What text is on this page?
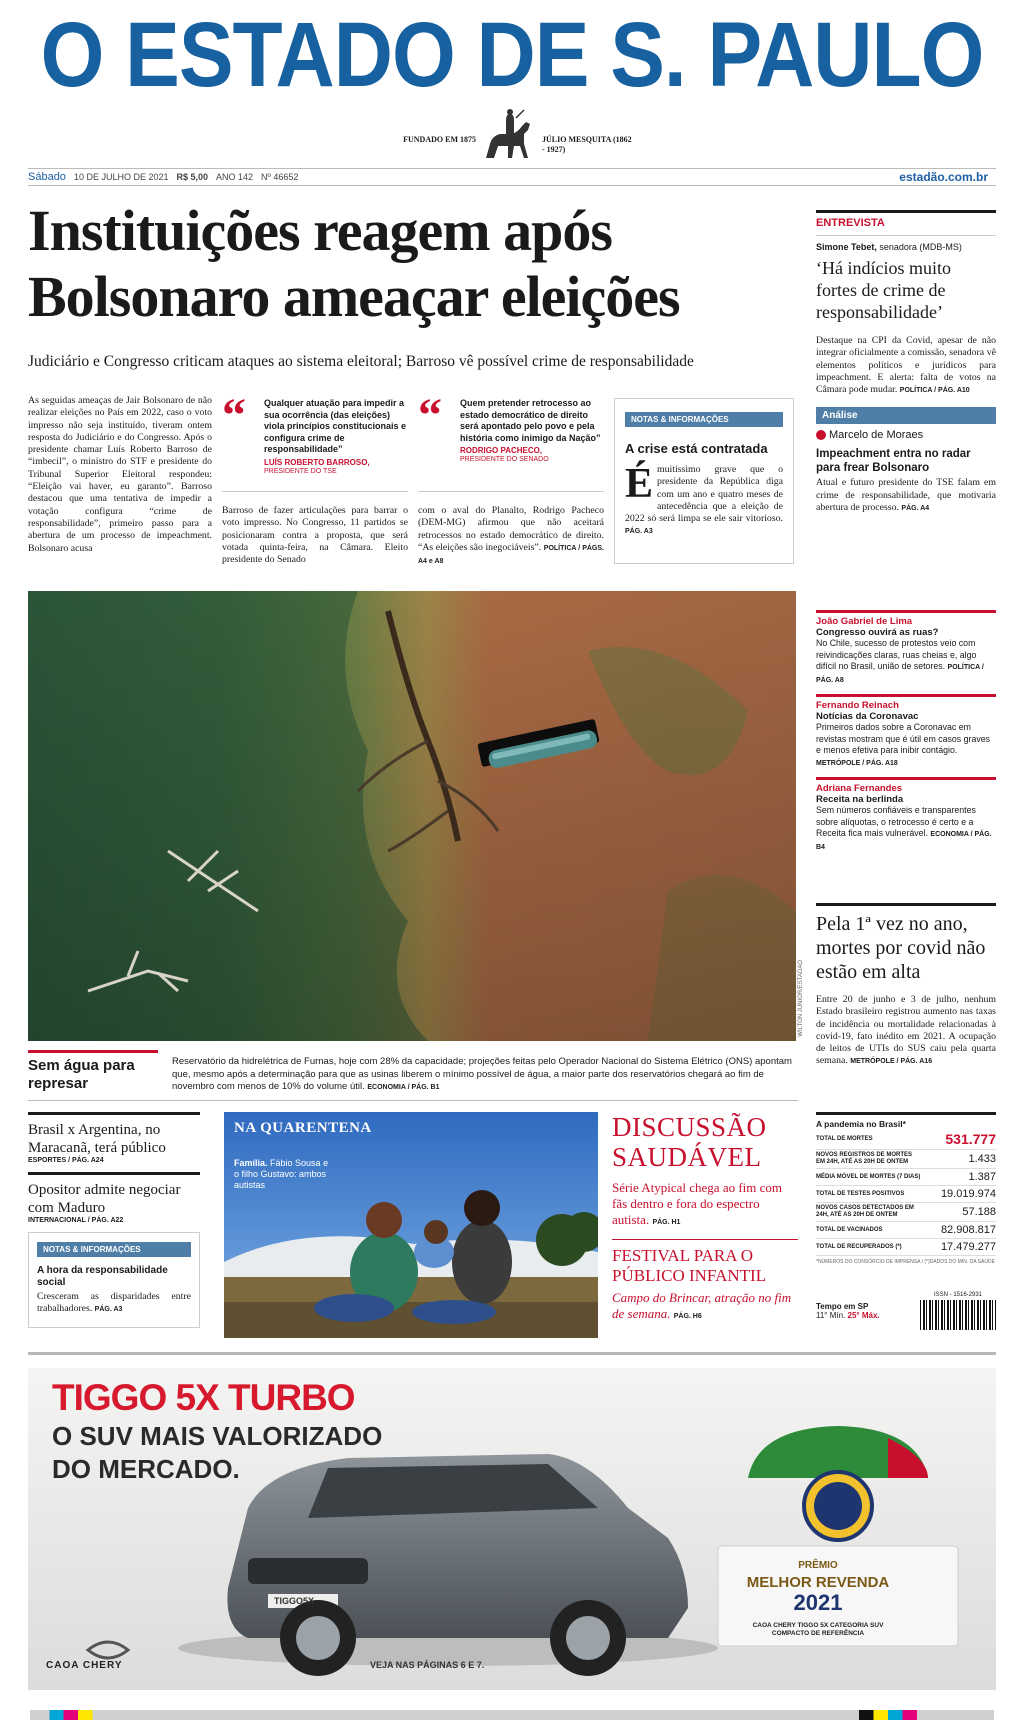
O ESTADO DE S. PAULO
FUNDADO EM 1875	JÚLIO MESQUITA (1862 - 1927)
Sábado 10 DE JULHO DE 2021 R$ 5,00 ANO 142 Nº 46652	estadão.com.br
Instituições reagem após Bolsonaro ameaçar eleições
Judiciário e Congresso criticam ataques ao sistema eleitoral; Barroso vê possível crime de responsabilidade
As seguidas ameaças de Jair Bolsonaro de não realizar eleições no País em 2022, caso o voto impresso não seja instituído, tiveram ontem resposta do Judiciário e do Congresso. Após o presidente chamar Luís Roberto Barroso de “imbecil”, o ministro do STF e presidente do Tribunal Superior Eleitoral respondeu: “Eleição vai haver, eu garanto”. Barroso destacou que uma tentativa de impedir a votação configura “crime de responsabilidade”, primeiro passo para a abertura de um processo de impeachment. Bolsonaro acusa
“ Qualquer atuação para impedir a sua ocorrência (das eleições) viola princípios constitucionais e configura crime de responsabilidade”
LUÍS ROBERTO BARROSO,
PRESIDENTE DO TSE
“ Quem pretender retrocesso ao estado democrático de direito será apontado pelo povo e pela história como inimigo da Nação”
RODRIGO PACHECO,
PRESIDENTE DO SENADO
Barroso de fazer articulações para barrar o voto impresso. No Congresso, 11 partidos se posicionaram contra a proposta, que será votada quinta-feira, na Câmara. Eleito presidente do Senado
com o aval do Planalto, Rodrigo Pacheco (DEM-MG) afirmou que não aceitará retrocessos no estado democrático de direito. “As eleições são inegociáveis”. POLÍTICA / PÁGS. A4 e A8
NOTAS & INFORMAÇÕES
A crise está contratada
É muitíssimo grave que o presidente da República diga com um ano e quatro meses de antecedência que a eleição de 2022 só será limpa se ele sair vitorioso. PÁG. A3
ENTREVISTA
Simone Tebet, senadora (MDB-MS)
‘Há indícios muito fortes de crime de responsabilidade’
Destaque na CPI da Covid, apesar de não integrar oficialmente a comissão, senadora vê elementos políticos e jurídicos para impeachment. E alerta: falta de votos na Câmara pode mudar. POLÍTICA / PÁG. A10
Análise
Marcelo de Moraes
Impeachment entra no radar para frear Bolsonaro
Atual e futuro presidente do TSE falam em crime de responsabilidade, que motivaria abertura de processo. PÁG. A4
WILTON JÚNIOR/ESTADÃO
Sem água para represar
Reservatório da hidrelétrica de Furnas, hoje com 28% da capacidade; projeções feitas pelo Operador Nacional do Sistema Elétrico (ONS) apontam que, mesmo após a determinação para que as usinas liberem o mínimo possível de água, a maior parte dos reservatórios chegará ao fim de novembro com menos de 10% do volume útil. ECONOMIA / PÁG. B1
João Gabriel de Lima
Congresso ouvirá as ruas?
No Chile, sucesso de protestos veio com reivindicações claras, ruas cheias e, algo difícil no Brasil, união de setores. POLÍTICA / PÁG. A8
Fernando Reinach
Notícias da Coronavac
Primeiros dados sobre a Coronavac em revistas mostram que é útil em casos graves e menos efetiva para inibir contágio. METRÓPOLE / PÁG. A18
Adriana Fernandes
Receita na berlinda
Sem números confiáveis e transparentes sobre alíquotas, o retrocesso é certo e a Receita fica mais vulnerável. ECONOMIA / PÁG. B4
Pela 1ª vez no ano, mortes por covid não estão em alta
Entre 20 de junho e 3 de julho, nenhum Estado brasileiro registrou aumento nas taxas de incidência ou mortalidade relacionadas à covid-19, fato inédito em 2021. A ocupação de leitos de UTIs do SUS caiu pela quarta semana. METRÓPOLE / PÁG. A16
Brasil x Argentina, no Maracanã, terá público
ESPORTES / PÁG. A24
Opositor admite negociar com Maduro
INTERNACIONAL / PÁG. A22
NOTAS & INFORMAÇÕES
A hora da responsabilidade social
Cresceram as disparidades entre trabalhadores. PÁG. A3
NA QUARENTENA
Família. Fábio Sousa e o filho Gustavo: ambos autistas
DISCUSSÃO SAUDÁVEL
Série Atypical chega ao fim com fãs dentro e fora do espectro autista. PÁG. H1
FESTIVAL PARA O PÚBLICO INFANTIL
Campo do Brincar, atração no fim de semana. PÁG. H6
A pandemia no Brasil*
TOTAL DE MORTES	531.777
NOVOS REGISTROS DE MORTES EM 24H, ATÉ AS 20H DE ONTEM	1.433
MÉDIA MÓVEL DE MORTES (7 DIAS)	1.387
TOTAL DE TESTES POSITIVOS	19.019.974
NOVOS CASOS DETECTADOS EM 24H, ATÉ AS 20H DE ONTEM	57.188
TOTAL DE VACINADOS	82.908.817
TOTAL DE RECUPERADOS (*)	17.479.277
*NÚMEROS DO CONSÓRCIO DE IMPRENSA / (*)DADOS DO MIN. DA SAÚDE
Tempo em SP
11° Mín. 25° Máx.
ISSN - 1516-2931
TIGGO 5X TURBO
O SUV MAIS VALORIZADO DO MERCADO.
TIGGO5X
PRÊMIO
MELHOR REVENDA
2021
CAOA CHERY TIGGO 5X CATEGORIA SUV COMPACTO DE REFERÊNCIA
CAOA CHERY	VEJA NAS PÁGINAS 6 E 7.
